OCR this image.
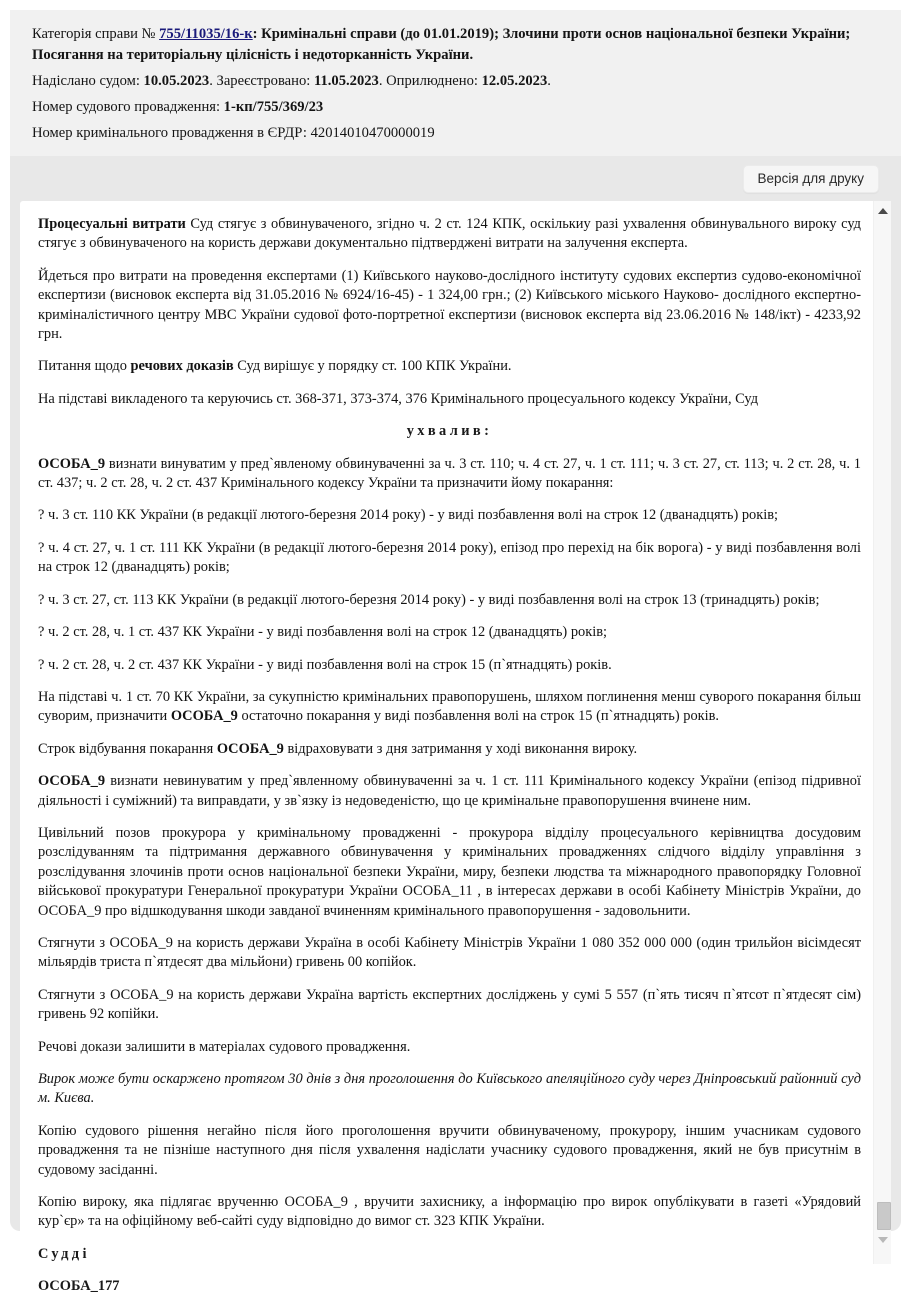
Категорія справи № 755/11035/16-к: Кримінальні справи (до 01.01.2019); Злочини проти основ національної безпеки України; Посягання на територіальну цілісність і недоторканність України.

Надіслано судом: 10.05.2023. Зареєстровано: 11.05.2023. Оприлюднено: 12.05.2023.

Номер судового провадження: 1-кп/755/369/23

Номер кримінального провадження в ЄРДР: 42014010470000019

Версія для друку

Процесуальні витрати Суд стягує з обвинуваченого, згідно ч. 2 ст. 124 КПК, оскількиу разі ухвалення обвинувального вироку суд стягує з обвинуваченого на користь держави документально підтверджені витрати на залучення експерта.

Йдеться про витрати на проведення експертами (1) Київського науково-дослідного інституту судових експертиз судово-економічної експертизи (висновок експерта від 31.05.2016 № 6924/16-45) - 1 324,00 грн.; (2) Київського міського Науково- дослідного експертно-криміналістичного центру МВС України судової фото-портретної експертизи (висновок експерта від 23.06.2016 № 148/ікт) - 4233,92 грн.

Питання щодо речових доказів Суд вирішує у порядку ст. 100 КПК України.

На підставі викладеного та керуючись ст. 368-371, 373-374, 376 Кримінального процесуального кодексу України, Суд

ухвалив:

ОСОБА_9 визнати винуватим у пред`явленому обвинуваченні за ч. 3 ст. 110; ч. 4 ст. 27, ч. 1 ст. 111; ч. 3 ст. 27, ст. 113; ч. 2 ст. 28, ч. 1 ст. 437; ч. 2 ст. 28, ч. 2 ст. 437 Кримінального кодексу України та призначити йому покарання:

? ч. 3 ст. 110 КК України (в редакції лютого-березня 2014 року) - у виді позбавлення волі на строк 12 (дванадцять) років;

? ч. 4 ст. 27, ч. 1 ст. 111 КК України (в редакції лютого-березня 2014 року), епізод про перехід на бік ворога) - у виді позбавлення волі на строк 12 (дванадцять) років;

? ч. 3 ст. 27, ст. 113 КК України (в редакції лютого-березня 2014 року) - у виді позбавлення волі на строк 13 (тринадцять) років;

? ч. 2 ст. 28, ч. 1 ст. 437 КК України - у виді позбавлення волі на строк 12 (дванадцять) років;

? ч. 2 ст. 28, ч. 2 ст. 437 КК України - у виді позбавлення волі на строк 15 (п`ятнадцять) років.

На підставі ч. 1 ст. 70 КК України, за сукупністю кримінальних правопорушень, шляхом поглинення менш суворого покарання більш суворим, призначити ОСОБА_9 остаточно покарання у виді позбавлення волі на строк 15 (п`ятнадцять) років.

Строк відбування покарання ОСОБА_9 відраховувати з дня затримання у ході виконання вироку.

ОСОБА_9 визнати невинуватим у пред`явленному обвинуваченні за ч. 1 ст. 111 Кримінального кодексу України (епізод підривної діяльності і суміжний) та виправдати, у зв`язку із недоведеністю, що це кримінальне правопорушення вчинене ним.

Цивільний позов прокурора у кримінальному провадженні - прокурора відділу процесуального керівництва досудовим розслідуванням та підтримання державного обвинувачення у кримінальних провадженнях слідчого відділу управління з розслідування злочинів проти основ національної безпеки України, миру, безпеки людства та міжнародного правопорядку Головної військової прокуратури Генеральної прокуратури України ОСОБА_11 , в інтересах держави в особі Кабінету Міністрів України, до ОСОБА_9 про відшкодування шкоди завданої вчиненням кримінального правопорушення - задовольнити.

Стягнути з ОСОБА_9 на користь держави Україна в особі Кабінету Міністрів України 1 080 352 000 000 (один трильйон вісімдесят мільярдів триста п`ятдесят два мільйони) гривень 00 копійок.

Стягнути з ОСОБА_9 на користь держави Україна вартість експертних досліджень у сумі 5 557 (п`ять тисяч п`ятсот п`ятдесят сім) гривень 92 копійки.

Речові докази залишити в матеріалах судового провадження.

Вирок може бути оскаржено протягом 30 днів з дня проголошення до Київського апеляційного суду через Дніпровський районний суд м. Києва.

Копію судового рішення негайно після його проголошення вручити обвинуваченому, прокурору, іншим учасникам судового провадження та не пізніше наступного дня після ухвалення надіслати учаснику судового провадження, який не був присутнім в судовому засіданні.

Копію вироку, яка підлягає врученню ОСОБА_9 , вручити захиснику, а інформацію про вирок опублікувати в газеті «Урядовий кур`єр» та на офіційному веб-сайті суду відповідно до вимог ст. 323 КПК України.

Судді

ОСОБА_177
